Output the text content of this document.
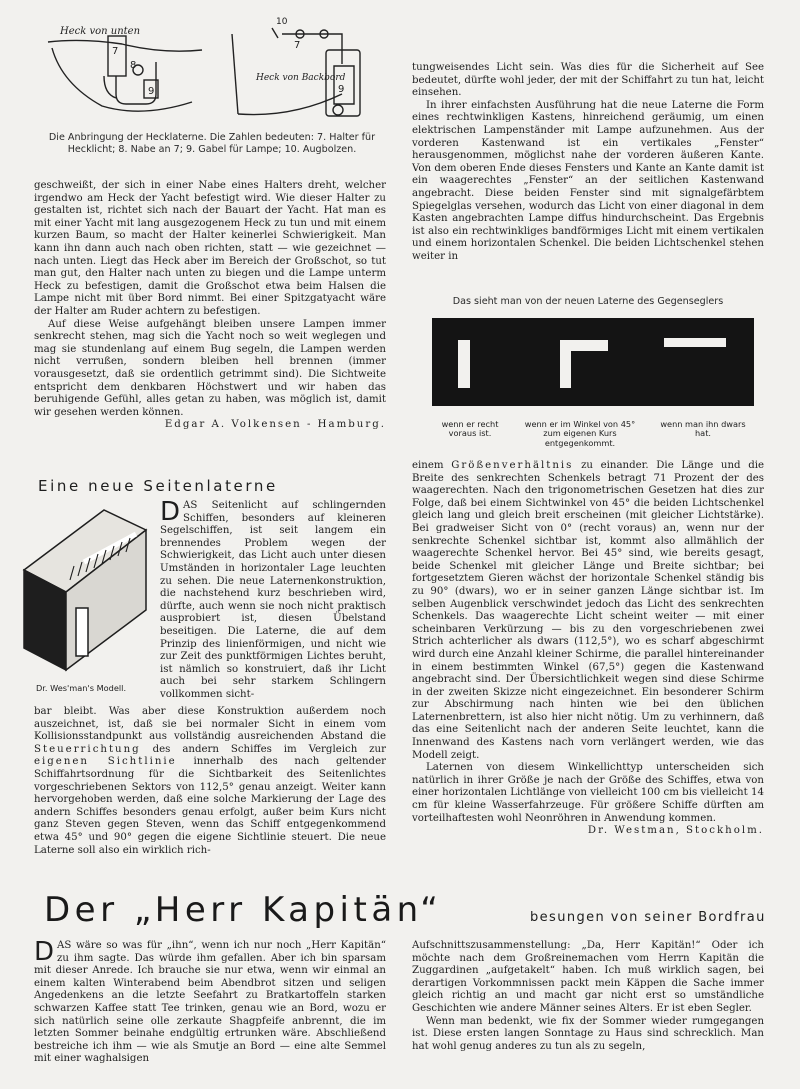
Heck von unten
Heck von Backbord
7
8
9
10
7
9
Die Anbringung der Hecklaterne. Die Zahlen bedeuten: 7. Halter für Hecklicht; 8. Nabe an 7; 9. Gabel für Lampe; 10. Augbolzen.

geschweißt, der sich in einer Nabe eines Halters dreht, welcher irgendwo am Heck der Yacht befestigt wird. Wie dieser Halter zu gestalten ist, richtet sich nach der Bauart der Yacht. Hat man es mit einer Yacht mit lang ausgezogenem Heck zu tun und mit einem kurzen Baum, so macht der Halter keinerlei Schwierigkeit. Man kann ihn dann auch nach oben richten, statt — wie gezeichnet — nach unten. Liegt das Heck aber im Bereich der Großschot, so tut man gut, den Halter nach unten zu biegen und die Lampe unterm Heck zu befestigen, damit die Großschot etwa beim Halsen die Lampe nicht mit über Bord nimmt. Bei einer Spitzgatyacht wäre der Halter am Ruder achtern zu befestigen.

Auf diese Weise aufgehängt bleiben unsere Lampen immer senkrecht stehen, mag sich die Yacht noch so weit weglegen und mag sie stundenlang auf einem Bug segeln, die Lampen werden nicht verrußen, sondern bleiben hell brennen (immer vorausgesetzt, daß sie ordentlich getrimmt sind). Die Sichtweite entspricht dem denkbaren Höchstwert und wir haben das beruhigende Gefühl, alles getan zu haben, was möglich ist, damit wir gesehen werden können.

Edgar A. Volkensen - Hamburg.
Eine neue Seitenlaterne
Dr. Wes'man's Modell.
D AS Seitenlicht auf schlingernden Schiffen, besonders auf kleineren Segelschiffen, ist seit langem ein brennendes Problem wegen der Schwierigkeit, das Licht auch unter diesen Umständen in horizontaler Lage leuchten zu sehen. Die neue Laternenkonstruktion, die nachstehend kurz beschrieben wird, dürfte, auch wenn sie noch nicht praktisch ausprobiert ist, diesen Übelstand beseitigen. Die Laterne, die auf dem Prinzip des linienförmigen, und nicht wie zur Zeit des punktförmigen Lichtes beruht, ist nämlich so konstruiert, daß ihr Licht auch bei sehr starkem Schlingern vollkommen sicht-

bar bleibt. Was aber diese Konstruktion außerdem noch auszeichnet, ist, daß sie bei normaler Sicht in einem vom Kollisionsstandpunkt aus vollständig ausreichenden Abstand die Steuerrichtung des andern Schiffes im Vergleich zur eigenen Sichtlinie innerhalb des nach geltender Schiffahrtsordnung für die Sichtbarkeit des Seitenlichtes vorgeschriebenen Sektors von 112,5° genau anzeigt. Weiter kann hervorgehoben werden, daß eine solche Markierung der Lage des andern Schiffes besonders genau erfolgt, außer beim Kurs nicht ganz Steven gegen Steven, wenn das Schiff entgegenkommend etwa 45° und 90° gegen die eigene Sichtlinie steuert. Die neue Laterne soll also ein wirklich rich-

tungweisendes Licht sein. Was dies für die Sicherheit auf See bedeutet, dürfte wohl jeder, der mit der Schiffahrt zu tun hat, leicht einsehen.

In ihrer einfachsten Ausführung hat die neue Laterne die Form eines rechtwinkligen Kastens, hinreichend geräumig, um einen elektrischen Lampenständer mit Lampe aufzunehmen. Aus der vorderen Kastenwand ist ein vertikales „Fenster“ herausgenommen, möglichst nahe der vorderen äußeren Kante. Von dem oberen Ende dieses Fensters und Kante an Kante damit ist ein waagerechtes „Fenster“ an der seitlichen Kastenwand angebracht. Diese beiden Fenster sind mit signalgefärbtem Spiegelglas versehen, wodurch das Licht von einer diagonal in dem Kasten angebrachten Lampe diffus hindurchscheint. Das Ergebnis ist also ein rechtwinkliges bandförmiges Licht mit einem vertikalen und einem horizontalen Schenkel. Die beiden Lichtschenkel stehen weiter in

Das sieht man von der neuen Laterne des Gegenseglers
wenn er recht voraus ist.
wenn er im Winkel von 45° zum eigenen Kurs entgegenkommt.
wenn man ihn dwars hat.

einem Größenverhältnis zu einander. Die Länge und die Breite des senkrechten Schenkels betragt 71 Prozent der des waagerechten. Nach den trigonometrischen Gesetzen hat dies zur Folge, daß bei einem Sichtwinkel von 45° die beiden Lichtschenkel gleich lang und gleich breit erscheinen (mit gleicher Lichtstärke). Bei gradweiser Sicht von 0° (recht voraus) an, wenn nur der senkrechte Schenkel sichtbar ist, kommt also allmählich der waagerechte Schenkel hervor. Bei 45° sind, wie bereits gesagt, beide Schenkel mit gleicher Länge und Breite sichtbar; bei fortgesetztem Gieren wächst der horizontale Schenkel ständig bis zu 90° (dwars), wo er in seiner ganzen Länge sichtbar ist. Im selben Augenblick verschwindet jedoch das Licht des senkrechten Schenkels. Das waagerechte Licht scheint weiter — mit einer scheinbaren Verkürzung — bis zu den vorgeschriebenen zwei Strich achterlicher als dwars (112,5°), wo es scharf abgeschirmt wird durch eine Anzahl kleiner Schirme, die parallel hintereinander in einem bestimmten Winkel (67,5°) gegen die Kastenwand angebracht sind. Der Übersichtlichkeit wegen sind diese Schirme in der zweiten Skizze nicht eingezeichnet. Ein besonderer Schirm zur Abschirmung nach hinten wie bei den üblichen Laternenbrettern, ist also hier nicht nötig. Um zu verhinnern, daß das eine Seitenlicht nach der anderen Seite leuchtet, kann die Innenwand des Kastens nach vorn verlängert werden, wie das Modell zeigt.

Laternen von diesem Winkellichttyp unterscheiden sich natürlich in ihrer Größe je nach der Größe des Schiffes, etwa von einer horizontalen Lichtlänge von vielleicht 100 cm bis vielleicht 14 cm für kleine Wasserfahrzeuge. Für größere Schiffe dürften am vorteilhaftesten wohl Neonröhren in Anwendung kommen.

Dr. Westman, Stockholm.
Der „Herr Kapitän“	besungen von seiner Bordfrau
D AS wäre so was für „ihn“, wenn ich nur noch „Herr Kapitän“ zu ihm sagte. Das würde ihm gefallen. Aber ich bin sparsam mit dieser Anrede. Ich brauche sie nur etwa, wenn wir einmal an einem kalten Winterabend beim Abendbrot sitzen und seligen Angedenkens an die letzte Seefahrt zu Bratkartoffeln starken schwarzen Kaffee statt Tee trinken, genau wie an Bord, wozu er sich natürlich seine olle zerkaute Shagpfeife anbrennt, die im letzten Sommer beinahe endgültig ertrunken wäre. Abschließend bestreiche ich ihm — wie als Smutje an Bord — eine alte Semmel mit einer waghalsigen

Aufschnittszusammenstellung: „Da, Herr Kapitän!“ Oder ich möchte nach dem Großreinemachen vom Herrn Kapitän die Zuggardinen „aufgetakelt“ haben. Ich muß wirklich sagen, bei derartigen Vorkommnissen packt mein Käppen die Sache immer gleich richtig an und macht gar nicht erst so umständliche Geschichten wie andere Männer seines Alters. Er ist eben Segler.

Wenn man bedenkt, wie fix der Sommer wieder rumgegangen ist. Diese ersten langen Sonntage zu Haus sind schrecklich. Man hat wohl genug anderes zu tun als zu segeln,
